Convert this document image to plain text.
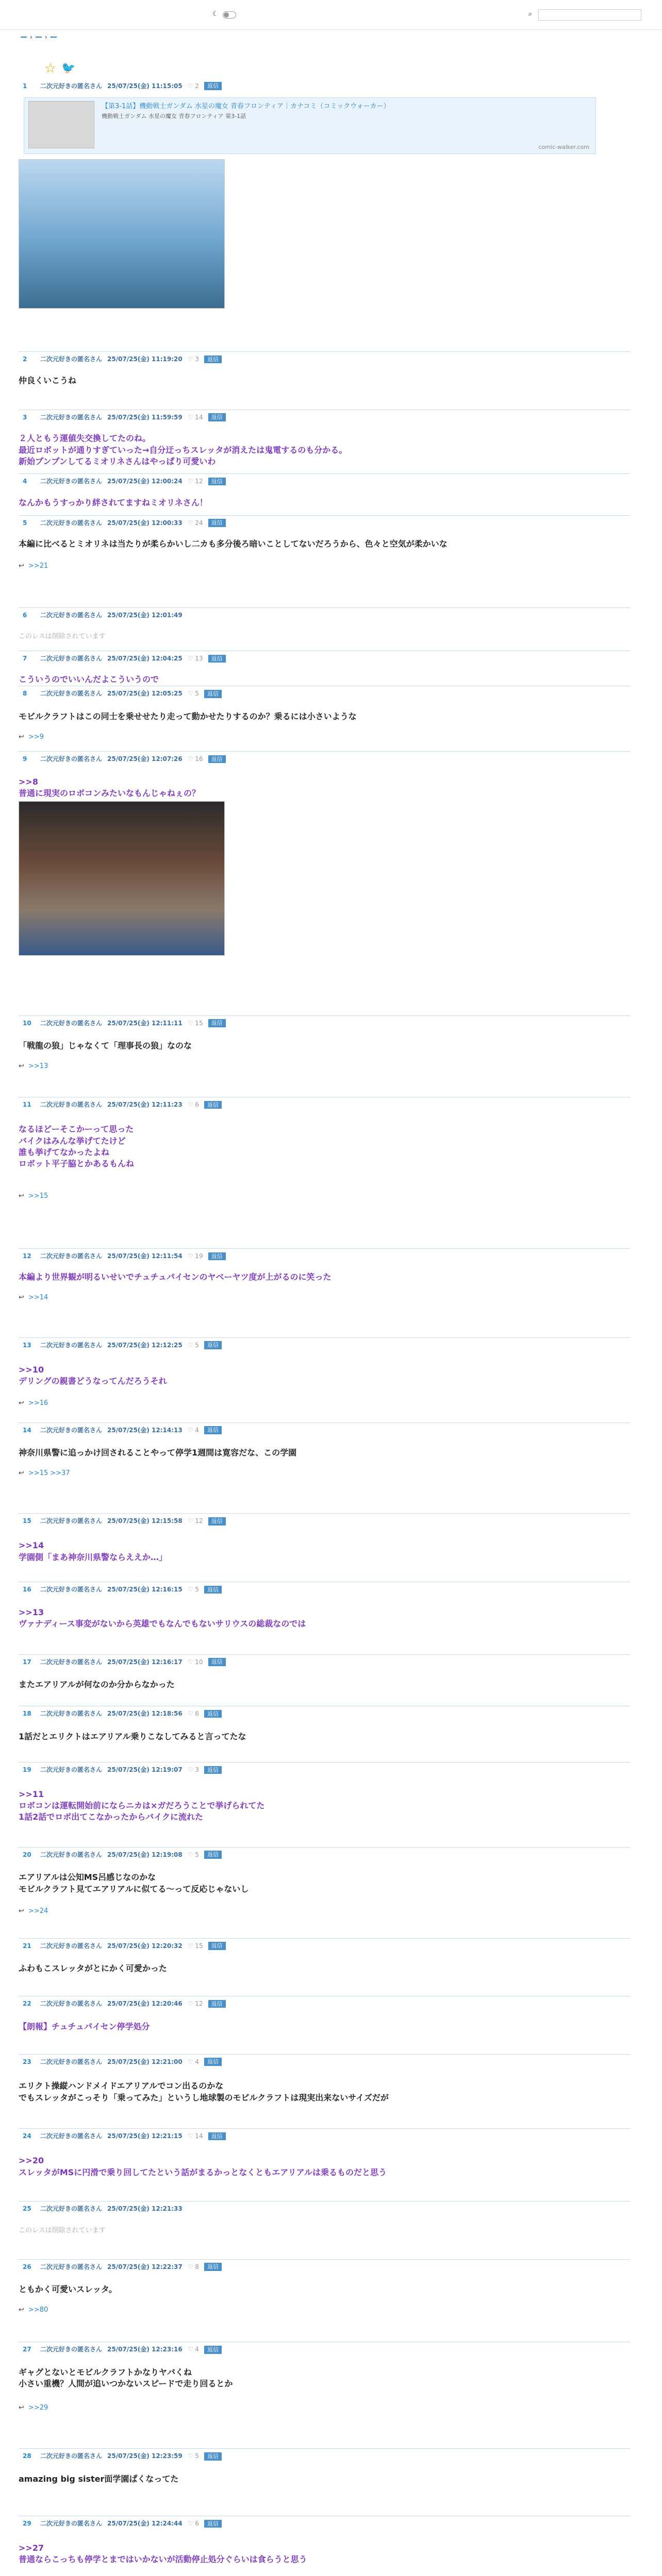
☾	⌕
› ›
☆ 🐦
1	二次元好きの匿名さん 25/07/25(金) 11:15:05 ♡ 2	返信
【第3-1話】機動戦士ガンダム 水星の魔女 青春フロンティア｜カナコミ（コミックウォーカー）
機動戦士ガンダム 水星の魔女 青春フロンティア 第3-1話
comic-walker.com
2	二次元好きの匿名さん 25/07/25(金) 11:19:20 ♡ 3	返信
仲良くいこうね
3	二次元好きの匿名さん 25/07/25(金) 11:59:59 ♡ 14	返信
２人ともう運値失交換してたのね。
最近ロボットが通りすぎていった→自分迂っちスレッタが消えたは鬼電するのも分かる。
新始プンプンしてるミオリネさんはやっぱり可愛いわ
4	二次元好きの匿名さん 25/07/25(金) 12:00:24 ♡ 12	返信
なんかもうすっかり絆されてますねミオリネさん！
5	二次元好きの匿名さん 25/07/25(金) 12:00:33 ♡ 24	返信
本編に比べるとミオリネは当たりが柔らかいし二カも多分後ろ暗いことしてないだろうから、色々と空気が柔かいな
↩ >>21
6	二次元好きの匿名さん 25/07/25(金) 12:01:49
このレスは削除されています
7	二次元好きの匿名さん 25/07/25(金) 12:04:25 ♡ 13	返信
こういうのでいいんだよこういうので
8	二次元好きの匿名さん 25/07/25(金) 12:05:25 ♡ 5	返信
モビルクラフトはこの同士を乗せせたり走って動かせたりするのか？乗るには小さいような
↩ >>9
9	二次元好きの匿名さん 25/07/25(金) 12:07:26 ♡ 16	返信
>>8
普通に現実のロボコンみたいなもんじゃねぇの？
10	二次元好きの匿名さん 25/07/25(金) 12:11:11 ♡ 15	返信
「戦龍の狼」じゃなくて「理事長の狼」なのな
↩ >>13
11	二次元好きの匿名さん 25/07/25(金) 12:11:23 ♡ 6	返信
なるほどーそこかーって思った
バイクはみんな挙げてたけど
誰も挙げてなかったよね
ロボット平子脇とかあるもんね
↩ >>15
12	二次元好きの匿名さん 25/07/25(金) 12:11:54 ♡ 19	返信
本編より世界観が明るいせいでチュチュパイセンのヤベーヤツ度が上がるのに笑った
↩ >>14
13	二次元好きの匿名さん 25/07/25(金) 12:12:25 ♡ 5	返信
>>10
デリングの親書どうなってんだろうそれ
↩ >>16
14	二次元好きの匿名さん 25/07/25(金) 12:14:13 ♡ 4	返信
神奈川県警に追っかけ回されることやって停学1週間は寛容だな、この学園
↩ >>15 >>37
15	二次元好きの匿名さん 25/07/25(金) 12:15:58 ♡ 12	返信
>>14
学園側「まあ神奈川県警ならええか…」
16	二次元好きの匿名さん 25/07/25(金) 12:16:15 ♡ 5	返信
>>13
ヴァナディース事変がないから英雄でもなんでもないサリウスの総裁なのでは
17	二次元好きの匿名さん 25/07/25(金) 12:16:17 ♡ 10	返信
またエアリアルが何なのか分からなかった
18	二次元好きの匿名さん 25/07/25(金) 12:18:56 ♡ 6	返信
1話だとエリクトはエアリアル乗りこなしてみると言ってたな
19	二次元好きの匿名さん 25/07/25(金) 12:19:07 ♡ 3	返信
>>11
ロボコンは運転開始前にならニカは×ガだろうことで挙げられてた
1話2話でロボ出てこなかったからバイクに流れた
20	二次元好きの匿名さん 25/07/25(金) 12:19:08 ♡ 5	返信
エアリアルは公知MS呂感じなのかな
モビルクラフト見てエアリアルに似てる～って反応じゃないし
↩ >>24
21	二次元好きの匿名さん 25/07/25(金) 12:20:32 ♡ 15	返信
ふわもこスレッタがとにかく可愛かった
22	二次元好きの匿名さん 25/07/25(金) 12:20:46 ♡ 12	返信
【朗報】チュチュパイセン停学処分
23	二次元好きの匿名さん 25/07/25(金) 12:21:00 ♡ 4	返信
エリクト操縦ハンドメイドエアリアルでコン出るのかな
でもスレッタがこっそり「乗ってみた」というし地球製のモビルクラフトは現実出来ないサイズだが
24	二次元好きの匿名さん 25/07/25(金) 12:21:15 ♡ 14	返信
>>20
スレッタがMSに円滑で乗り回してたという話がまるかっとなくともエアリアルは乗るものだと思う
25	二次元好きの匿名さん 25/07/25(金) 12:21:33
このレスは削除されています
26	二次元好きの匿名さん 25/07/25(金) 12:22:37 ♡ 8	返信
ともかく可愛いスレッタ。
↩ >>80
27	二次元好きの匿名さん 25/07/25(金) 12:23:16 ♡ 4	返信
ギャグとないとモビルクラフトかなりヤバくね
小さい重機？人間が追いつかないスピードで走り回るとか
↩ >>29
28	二次元好きの匿名さん 25/07/25(金) 12:23:59 ♡ 5	返信
amazing big sister面学園ぱくなってた
29	二次元好きの匿名さん 25/07/25(金) 12:24:44 ♡ 6	返信
>>27
普通ならこっちも停学とまではいかないが活動停止処分ぐらいは食らうと思う
